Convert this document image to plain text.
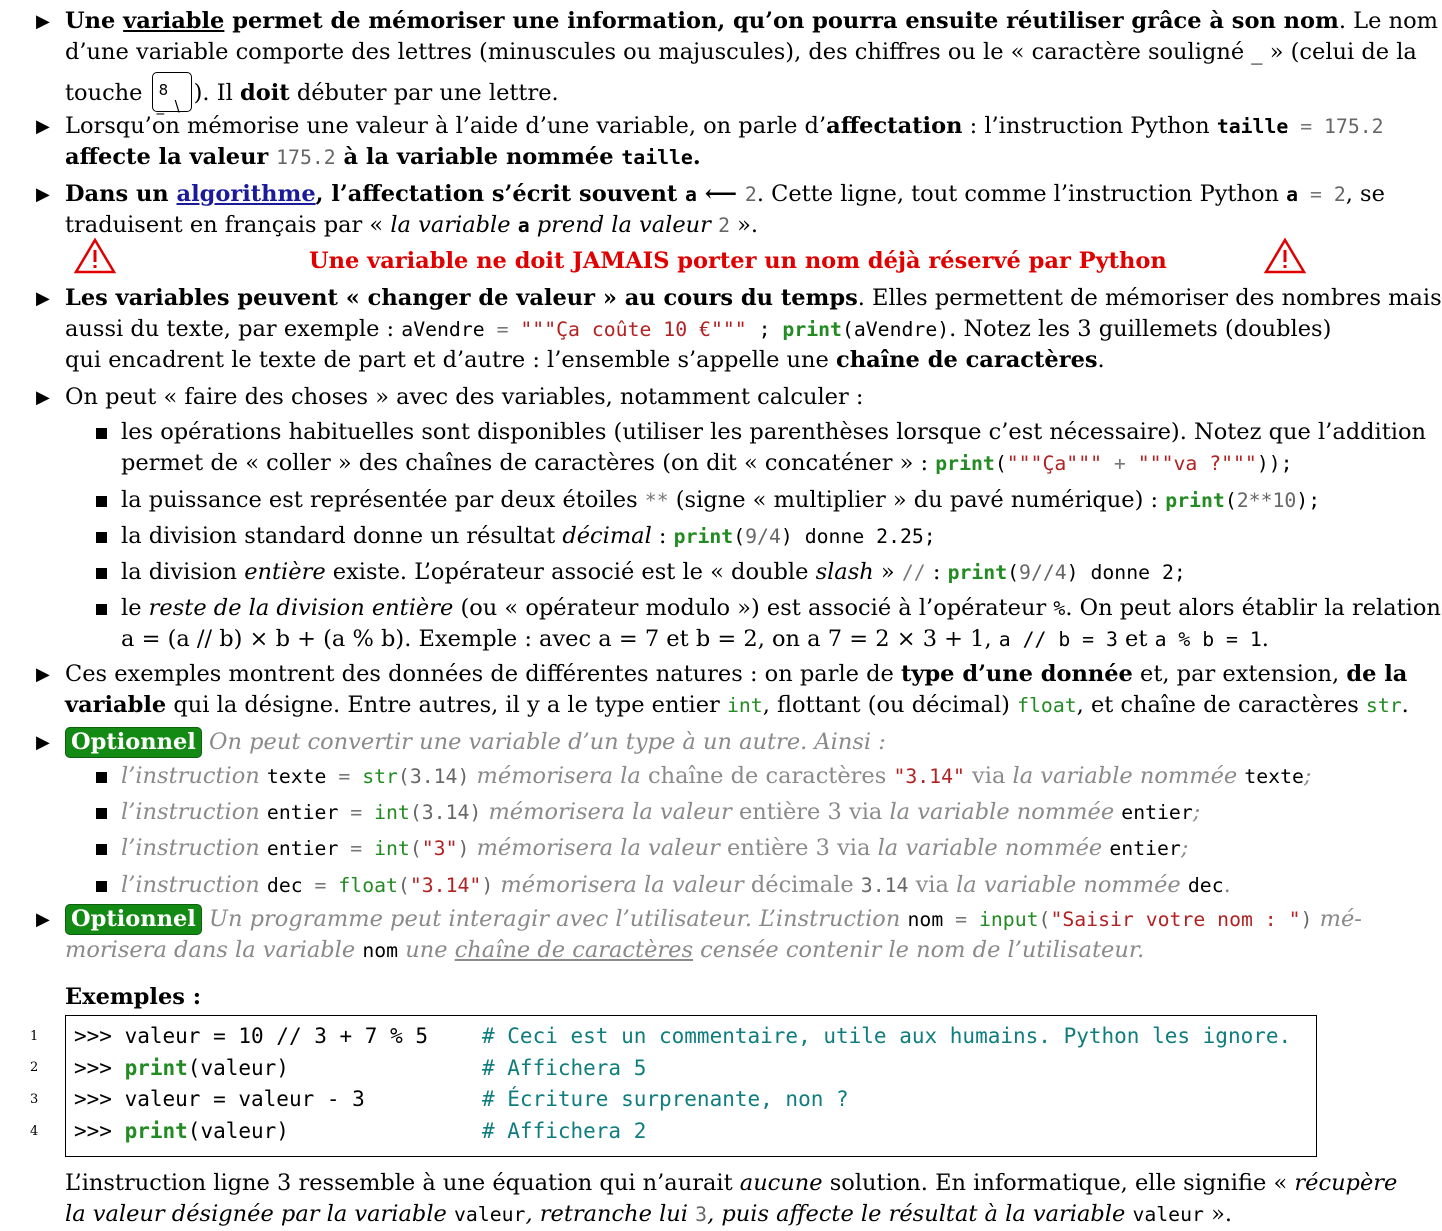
▶ Une variable permet de mémoriser une information, qu’on pourra ensuite réutiliser grâce à son nom. Le nom
d’une variable comporte des lettres (minuscules ou majuscules), des chiffres ou le « caractère souligné _ » (celui de la
touche 8
_ \ ). Il doit débuter par une lettre.
▶ Lorsqu’on mémorise une valeur à l’aide d’une variable, on parle d’affectation : l’instruction Python taille = 175.2
affecte la valeur 175.2 à la variable nommée taille.
▶ Dans un algorithme, l’affectation s’écrit souvent a ⟵ 2. Cette ligne, tout comme l’instruction Python a = 2, se
traduisent en français par « la variable a prend la valeur 2 ».
Une variable ne doit JAMAIS porter un nom déjà réservé par Python
▶ Les variables peuvent « changer de valeur » au cours du temps. Elles permettent de mémoriser des nombres mais
aussi du texte, par exemple : aVendre = """Ça coûte 10 €""" ; print(aVendre). Notez les 3 guillemets (doubles)
qui encadrent le texte de part et d’autre : l’ensemble s’appelle une chaîne de caractères.
▶ On peut « faire des choses » avec des variables, notamment calculer :
les opérations habituelles sont disponibles (utiliser les parenthèses lorsque c’est nécessaire). Notez que l’addition
permet de « coller » des chaînes de caractères (on dit « concaténer » : print("""Ça""" + """va ?"""));
la puissance est représentée par deux étoiles ** (signe « multiplier » du pavé numérique) : print(2**10);
la division standard donne un résultat décimal : print(9/4) donne 2.25;
la division entière existe. L’opérateur associé est le « double slash » // : print(9//4) donne 2;
le reste de la division entière (ou « opérateur modulo ») est associé à l’opérateur %. On peut alors établir la relation
a = (a // b) × b + (a % b). Exemple : avec a = 7 et b = 2, on a 7 = 2 × 3 + 1, a // b = 3 et a % b = 1.
▶ Ces exemples montrent des données de différentes natures : on parle de type d’une donnée et, par extension, de la
variable qui la désigne. Entre autres, il y a le type entier int, flottant (ou décimal) float, et chaîne de caractères str.
▶ Optionnel On peut convertir une variable d’un type à un autre. Ainsi :
l’instruction texte = str(3.14) mémorisera la chaîne de caractères "3.14" via la variable nommée texte;
l’instruction entier = int(3.14) mémorisera la valeur entière 3 via la variable nommée entier;
l’instruction entier = int("3") mémorisera la valeur entière 3 via la variable nommée entier;
l’instruction dec = float("3.14") mémorisera la valeur décimale 3.14 via la variable nommée dec.
▶ Optionnel Un programme peut interagir avec l’utilisateur. L’instruction nom = input("Saisir votre nom : ") mé-
morisera dans la variable nom une chaîne de caractères censée contenir le nom de l’utilisateur.
Exemples :
1
2
3
4
>>> valeur = 10 // 3 + 7 % 5	# Ceci est un commentaire, utile aux humains. Python les ignore.
>>> print(valeur)	# Affichera 5
>>> valeur = valeur - 3	# Écriture surprenante, non ?
>>> print(valeur)	# Affichera 2
L’instruction ligne 3 ressemble à une équation qui n’aurait aucune solution. En informatique, elle signifie « récupère
la valeur désignée par la variable valeur, retranche lui 3, puis affecte le résultat à la variable valeur ».
